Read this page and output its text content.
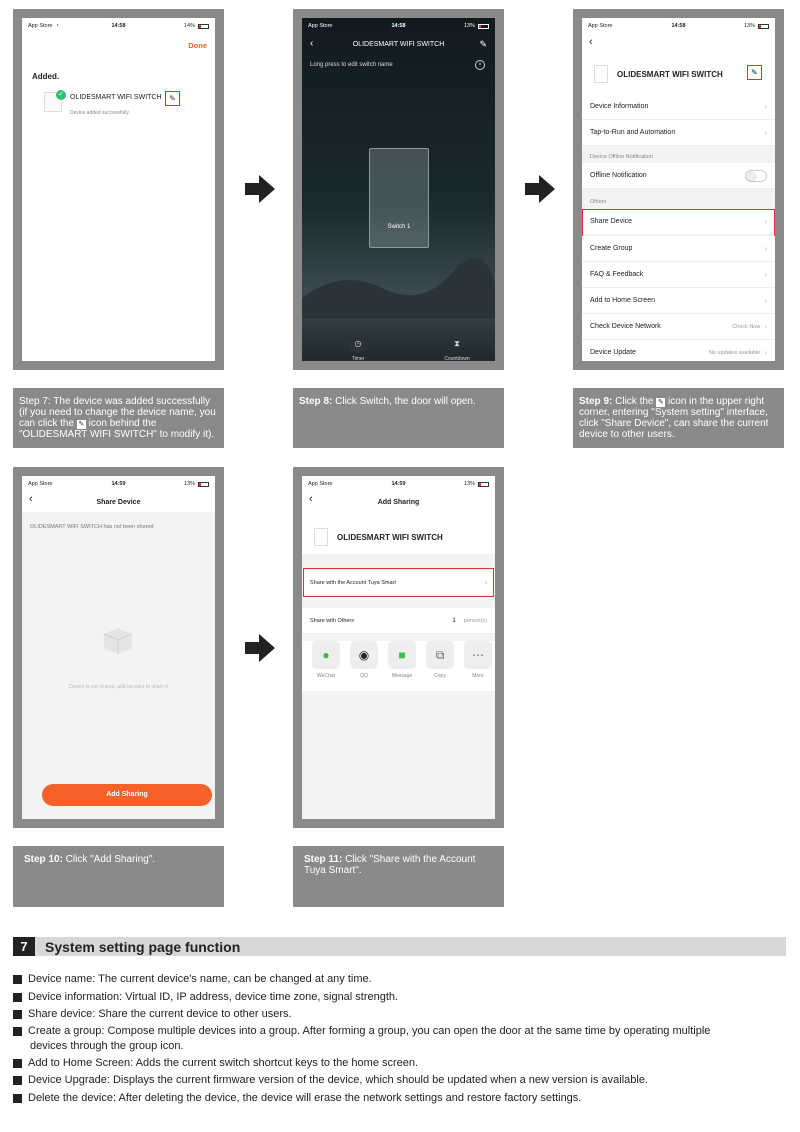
App Store ◔	14:58	14%
Done
Added.
✓ OLIDESMART WIFI SWITCH
Device added successfully
✎
App Store	14:58	13%
‹	OLIDESMART WIFI SWITCH	✎
Long press to edit switch name	×
Switch 1
◷
Timer
⧗
Countdown
App Store	14:58	13%
‹
OLIDESMART WIFI SWITCH	✎
Device Information	›
Tap-to-Run and Automation	›
Device Offline Notification
Offline Notification
Others
Share Device	›
Create Group	›
FAQ & Feedback	›
Add to Home Screen	›
Check Device Network	Check Now ›
Device Update	No updates available ›
Step 7: The device was added successfully (if you need to change the device name, you can click the ✎ icon behind the "OLIDESMART WIFI SWITCH" to modify it).
Step 8: Click Switch, the door will open.	Step 9: Click the ✎ icon in the upper right corner, entering "System setting" interface, click "Share Device", can share the current device to other users.
App Store	14:59	13%
‹	Share Device
OLIDESMART WIFI SWITCH has not been shared
Device is not shared, add account to share it
Add Sharing
App Store	14:59	13%
‹	Add Sharing
OLIDESMART WIFI SWITCH
Share with the Account Tuya Smart	›
Share with Others	1 person(s)
●
WeChat
◉
QQ
■
Message
⧉
Copy
⋯
More
Step 10: Click "Add Sharing".	Step 11: Click "Share with the Account Tuya Smart".
7	System setting page function
Device name: The current device's name, can be changed at any time.
Device information: Virtual ID, IP address, device time zone, signal strength.
Share device: Share the current device to other users.
Create a group: Compose multiple devices into a group. After forming a group, you can open the door at the same time by operating multiple
devices through the group icon.
Add to Home Screen: Adds the current switch shortcut keys to the home screen.
Device Upgrade: Displays the current firmware version of the device, which should be updated when a new version is available.
Delete the device: After deleting the device, the device will erase the network settings and restore factory settings.
